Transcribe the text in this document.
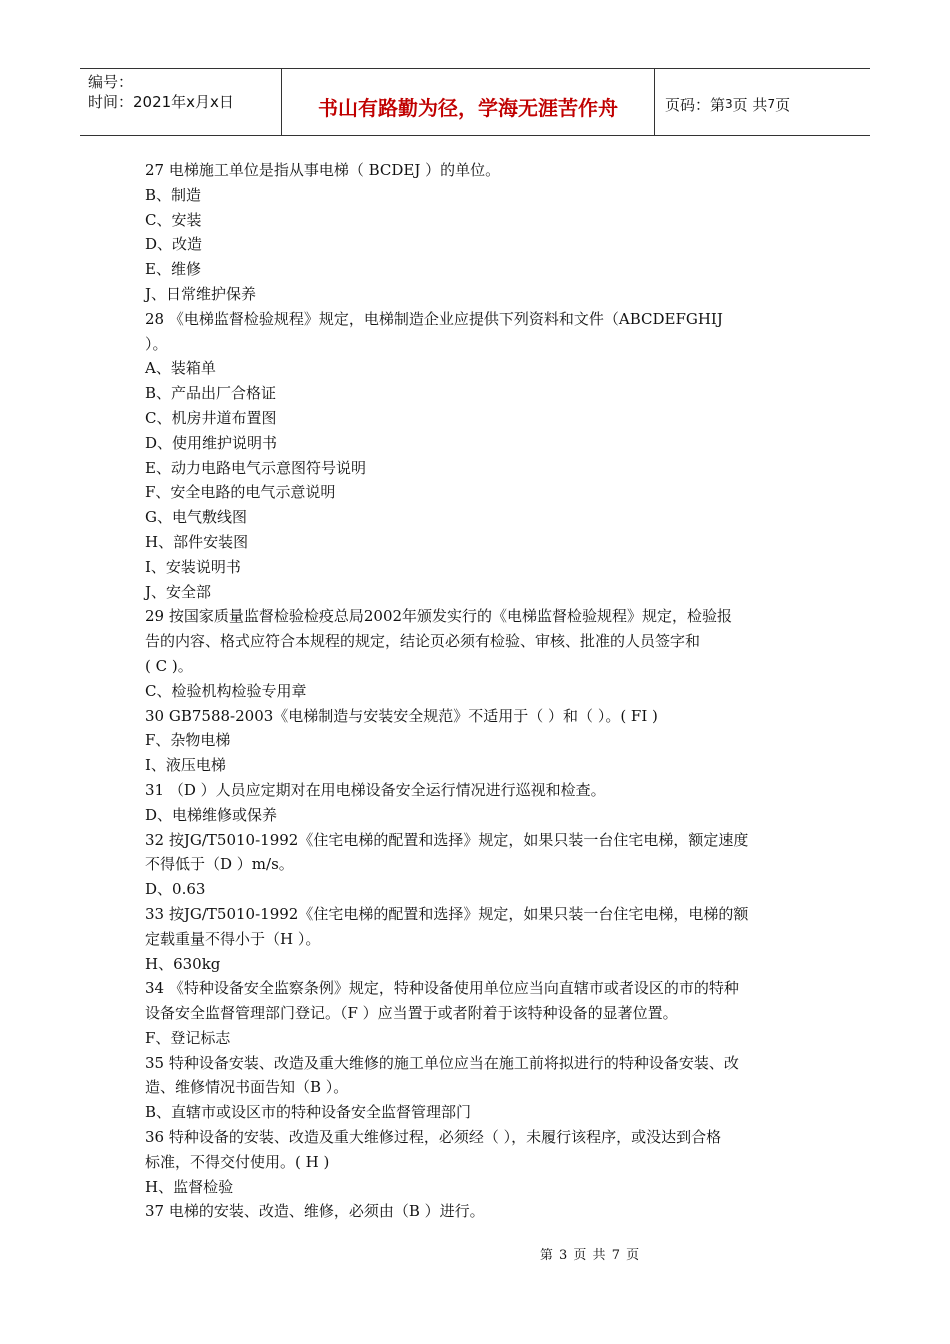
编号：
时间：2021年x月x日	书山有路勤为径，学海无涯苦作舟	页码：第 3 页 共 7 页
27 电梯施工单位是指从事电梯（ BCDEJ ）的单位。
B、制造
C、安装
D、改造
E、维修
J、日常维护保养
28 《电梯监督检验规程》规定，电梯制造企业应提供下列资料和文件（ABCDEFGHIJ
）。
A、装箱单
B、产品出厂合格证
C、机房井道布置图
D、使用维护说明书
E、动力电路电气示意图符号说明
F、安全电路的电气示意说明
G、电气敷线图
H、部件安装图
I、安装说明书
J、安全部
29 按国家质量监督检验检疫总局2002年颁发实行的《电梯监督检验规程》规定，检验报
告的内容、格式应符合本规程的规定，结论页必须有检验、审核、批准的人员签字和
( C )。
C、检验机构检验专用章
30 GB7588-2003《电梯制造与安装安全规范》不适用于（ ）和（ ）。( FI )
F、杂物电梯
I、液压电梯
31 （D ）人员应定期对在用电梯设备安全运行情况进行巡视和检查。
D、电梯维修或保养
32 按JG/T5010-1992《住宅电梯的配置和选择》规定，如果只装一台住宅电梯，额定速度
不得低于（D ）m/s。
D、0.63
33 按JG/T5010-1992《住宅电梯的配置和选择》规定，如果只装一台住宅电梯，电梯的额
定载重量不得小于（H ）。
H、630kg
34 《特种设备安全监察条例》规定，特种设备使用单位应当向直辖市或者设区的市的特种
设备安全监督管理部门登记。（F ）应当置于或者附着于该特种设备的显著位置。
F、登记标志
35 特种设备安装、改造及重大维修的施工单位应当在施工前将拟进行的特种设备安装、改
造、维修情况书面告知（B ）。
B、直辖市或设区市的特种设备安全监督管理部门
36 特种设备的安装、改造及重大维修过程，必须经（ ），未履行该程序，或没达到合格
标准，不得交付使用。( H )
H、监督检验
37 电梯的安装、改造、维修，必须由（B ）进行。
第 3 页 共 7 页
